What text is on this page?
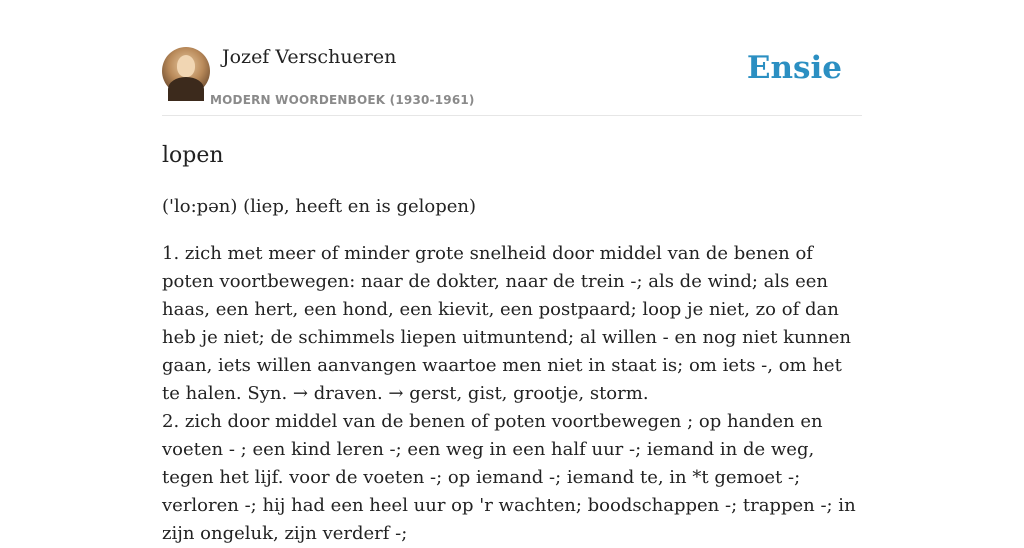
Jozef Verschueren
MODERN WOORDENBOEK (1930-1961)
Ensie
lopen
('lo:pən) (liep, heeft en is gelopen)

1. zich met meer of minder grote snelheid door middel van de benen of poten voortbewegen: naar de dokter, naar de trein -; als de wind; als een haas, een hert, een hond, een kievit, een postpaard; loop je niet, zo of dan heb je niet; de schimmels liepen uitmuntend; al willen - en nog niet kunnen gaan, iets willen aanvangen waartoe men niet in staat is; om iets -, om het te halen. Syn. → draven. → gerst, gist, grootje, storm.

2. zich door middel van de benen of poten voortbewegen ; op handen en voeten - ; een kind leren -; een weg in een half uur -; iemand in de weg, tegen het lijf. voor de voeten -; op iemand -; iemand te, in *t gemoet -; verloren -; hij had een heel uur op 'r wachten; boodschappen -; trappen -; in zijn ongeluk, zijn verderf -;
